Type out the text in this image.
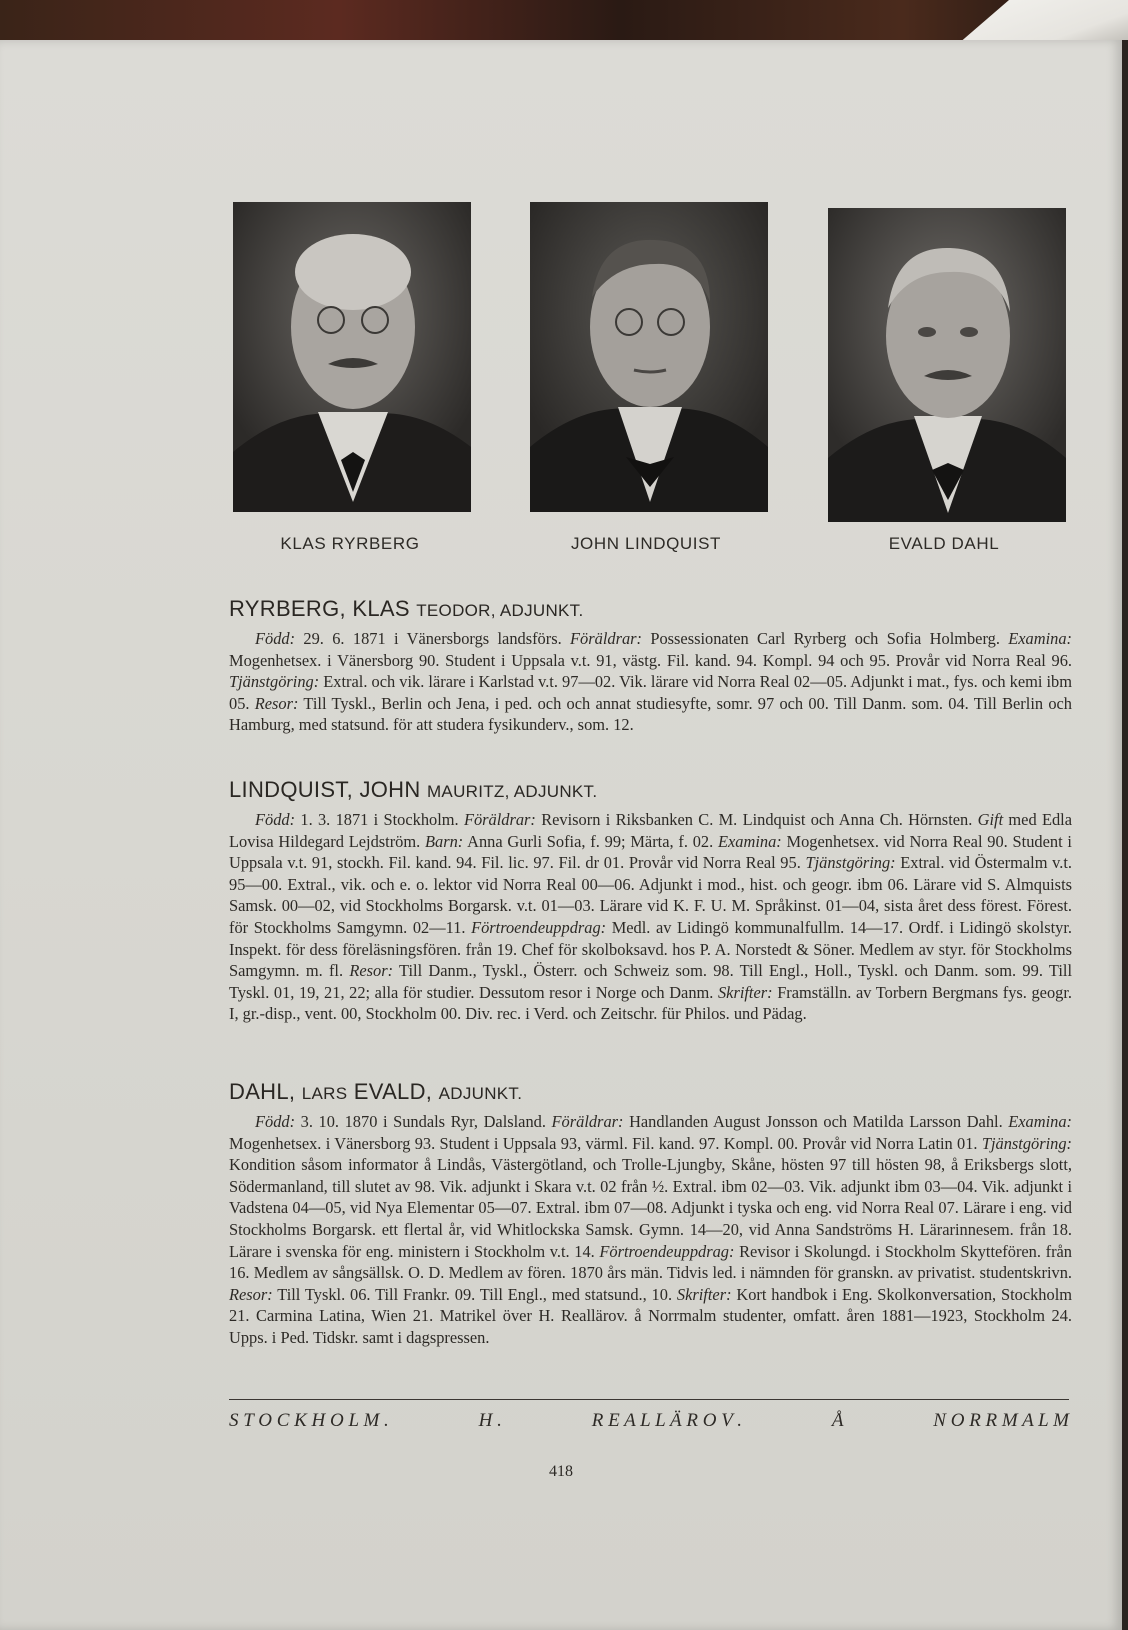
KLAS RYRBERG	JOHN LINDQUIST	EVALD DAHL
RYRBERG, KLAS TEODOR, ADJUNKT.

Född: 29. 6. 1871 i Vänersborgs landsförs. Föräldrar: Possessionaten Carl Ryrberg och Sofia Holmberg. Examina: Mogenhetsex. i Vänersborg 90. Student i Uppsala v.t. 91, västg. Fil. kand. 94. Kompl. 94 och 95. Provår vid Norra Real 96. Tjänstgöring: Extral. och vik. lärare i Karlstad v.t. 97—02. Vik. lärare vid Norra Real 02—05. Adjunkt i mat., fys. och kemi ibm 05. Resor: Till Tyskl., Berlin och Jena, i ped. och och annat studiesyfte, somr. 97 och 00. Till Danm. som. 04. Till Berlin och Hamburg, med statsund. för att studera fysikunderv., som. 12.

LINDQUIST, JOHN MAURITZ, ADJUNKT.

Född: 1. 3. 1871 i Stockholm. Föräldrar: Revisorn i Riksbanken C. M. Lindquist och Anna Ch. Hörnsten. Gift med Edla Lovisa Hildegard Lejdström. Barn: Anna Gurli Sofia, f. 99; Märta, f. 02. Examina: Mogenhetsex. vid Norra Real 90. Student i Uppsala v.t. 91, stockh. Fil. kand. 94. Fil. lic. 97. Fil. dr 01. Provår vid Norra Real 95. Tjänstgöring: Extral. vid Östermalm v.t. 95—00. Extral., vik. och e. o. lektor vid Norra Real 00—06. Adjunkt i mod., hist. och geogr. ibm 06. Lärare vid S. Almquists Samsk. 00—02, vid Stockholms Borgarsk. v.t. 01—03. Lärare vid K. F. U. M. Språkinst. 01—04, sista året dess förest. Förest. för Stockholms Samgymn. 02—11. Förtroendeuppdrag: Medl. av Lidingö kommunalfullm. 14—17. Ordf. i Lidingö skolstyr. Inspekt. för dess föreläsningsfören. från 19. Chef för skolboksavd. hos P. A. Norstedt & Söner. Medlem av styr. för Stockholms Samgymn. m. fl. Resor: Till Danm., Tyskl., Österr. och Schweiz som. 98. Till Engl., Holl., Tyskl. och Danm. som. 99. Till Tyskl. 01, 19, 21, 22; alla för studier. Dessutom resor i Norge och Danm. Skrifter: Framställn. av Torbern Bergmans fys. geogr. I, gr.-disp., vent. 00, Stockholm 00. Div. rec. i Verd. och Zeitschr. für Philos. und Pädag.

DAHL, LARS EVALD, ADJUNKT.

Född: 3. 10. 1870 i Sundals Ryr, Dalsland. Föräldrar: Handlanden August Jonsson och Matilda Larsson Dahl. Examina: Mogenhetsex. i Vänersborg 93. Student i Uppsala 93, värml. Fil. kand. 97. Kompl. 00. Provår vid Norra Latin 01. Tjänstgöring: Kondition såsom informator å Lindås, Västergötland, och Trolle-Ljungby, Skåne, hösten 97 till hösten 98, å Eriksbergs slott, Södermanland, till slutet av 98. Vik. adjunkt i Skara v.t. 02 från ½. Extral. ibm 02—03. Vik. adjunkt ibm 03—04. Vik. adjunkt i Vadstena 04—05, vid Nya Elementar 05—07. Extral. ibm 07—08. Adjunkt i tyska och eng. vid Norra Real 07. Lärare i eng. vid Stockholms Borgarsk. ett flertal år, vid Whitlockska Samsk. Gymn. 14—20, vid Anna Sandströms H. Lärarinnesem. från 18. Lärare i svenska för eng. ministern i Stockholm v.t. 14. Förtroendeuppdrag: Revisor i Skolungd. i Stockholm Skyttefören. från 16. Medlem av sångsällsk. O. D. Medlem av fören. 1870 års män. Tidvis led. i nämnden för granskn. av privatist. studentskrivn. Resor: Till Tyskl. 06. Till Frankr. 09. Till Engl., med statsund., 10. Skrifter: Kort handbok i Eng. Skolkonversation, Stockholm 21. Carmina Latina, Wien 21. Matrikel över H. Reallärov. å Norrmalm studenter, omfatt. åren 1881—1923, Stockholm 24. Upps. i Ped. Tidskr. samt i dagspressen.

S T O C K H O L M .	H .	R E A L L Ä R O V .	Å	N O R R M A L M
418
